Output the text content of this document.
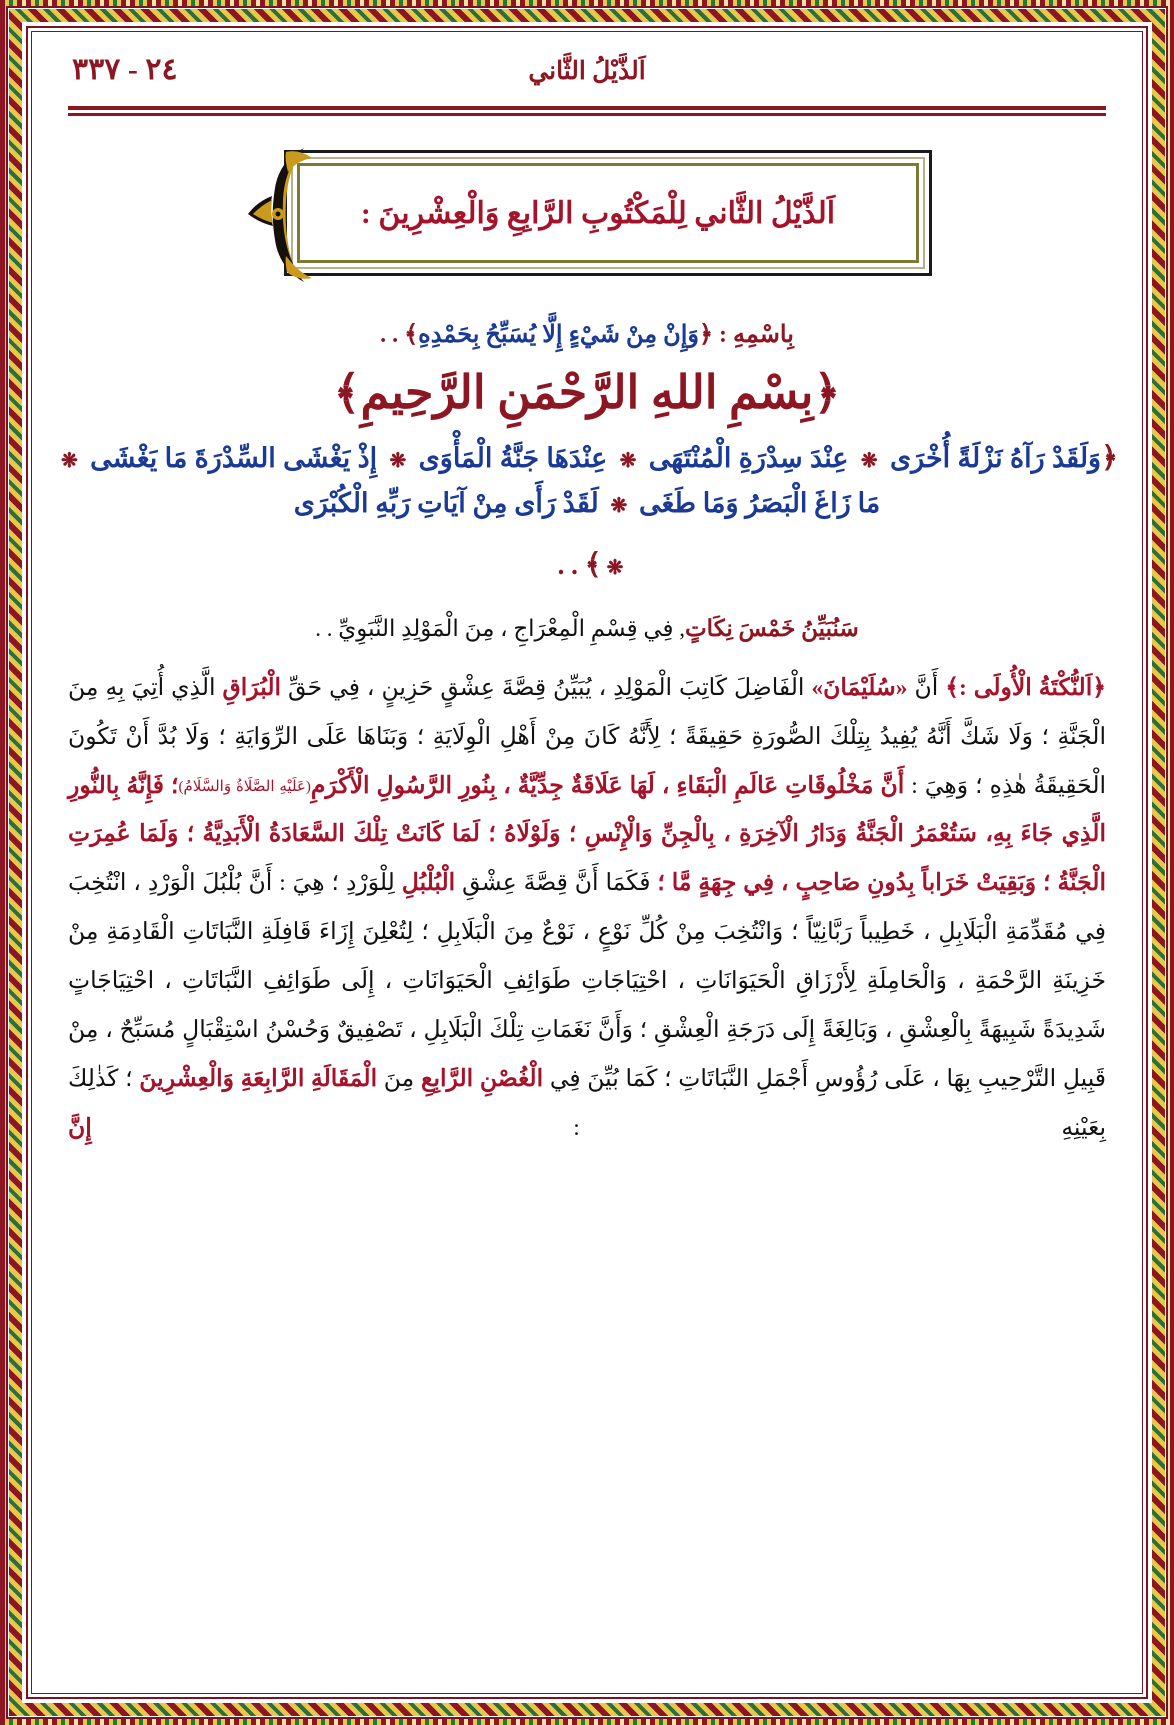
٢٤ - ٣٣٧	اَلذَّيْلُ الثَّاني
اَلذَّيْلُ الثَّاني لِلْمَكْتُوبِ الرَّابِعِ وَالْعِشْرِينَ :
بِاسْمِهِ : ﴿وَإِنْ مِنْ شَيْءٍ إِلَّا يُسَبِّحُ بِحَمْدِهِ﴾ . .
﴿بِسْمِ اللهِ الرَّحْمَنِ الرَّحِيمِ﴾
﴿وَلَقَدْ رَآهُ نَزْلَةً أُخْرَى ❋ عِنْدَ سِدْرَةِ الْمُنْتَهَى ❋ عِنْدَهَا جَنَّةُ الْمَأْوَى ❋ إِذْ يَغْشَى السِّدْرَةَ مَا يَغْشَى ❋ مَا زَاغَ الْبَصَرُ وَمَا طَغَى ❋ لَقَدْ رَأَى مِنْ آيَاتِ رَبِّهِ الْكُبْرَى
❋﴾ . .
سَنُبَيِّنُ خَمْسَ نِكَاتٍ, فِي قِسْمِ الْمِعْرَاجِ ، مِنَ الْمَوْلِدِ النَّبَوِيِّ . .

﴿اَلنُّكْتَةُ الْأُولَى :﴾ أَنَّ «سُلَيْمَانَ» الْفَاضِلَ كَاتِبَ الْمَوْلِدِ ، يُبَيِّنُ قِصَّةَ عِشْقٍ حَزِينٍ ، فِي حَقِّ الْبُرَاقِ الَّذِي أُتِيَ بِهِ مِنَ الْجَنَّةِ ؛ وَلَا شَكَّ أَنَّهُ يُفِيدُ بِتِلْكَ الصُّورَةِ حَقِيقَةً ؛ لِأَنَّهُ كَانَ مِنْ أَهْلِ الْوِلَايَةِ ؛ وَبَنَاهَا عَلَى الرِّوَايَةِ ؛ وَلَا بُدَّ أَنْ تَكُونَ الْحَقِيقَةُ هٰذِهِ ؛ وَهِيَ : أَنَّ مَخْلُوقَاتِ عَالَمِ الْبَقَاءِ ، لَهَا عَلَاقَةٌ جِدِّيَّةٌ ، بِنُورِ الرَّسُولِ الْأَكْرَمِ(عَلَيْهِ الصَّلَاةُ وَالسَّلَامُ)؛ فَإِنَّهُ بِالنُّورِ الَّذِي جَاءَ بِهِ، سَتُعْمَرُ الْجَنَّةُ وَدَارُ الْآخِرَةِ ، بِالْجِنِّ وَالْإِنْسِ ؛ وَلَوْلَاهُ ؛ لَمَا كَانَتْ تِلْكَ السَّعَادَةُ الْأَبَدِيَّةُ ؛ وَلَمَا عُمِرَتِ الْجَنَّةُ ؛ وَبَقِيَتْ خَرَاباً بِدُونِ صَاحِبٍ ، فِي جِهَةٍ مَّا ؛ فَكَمَا أَنَّ قِصَّةَ عِشْقِ الْبُلْبُلِ لِلْوَرْدِ ؛ هِيَ : أَنَّ بُلْبُلَ الْوَرْدِ ، انْتُخِبَ فِي مُقَدِّمَةِ الْبَلَابِلِ ، خَطِيباً رَبَّانِيّاً ؛ وَانْتُخِبَ مِنْ كُلِّ نَوْعٍ ، نَوْعٌ مِنَ الْبَلَابِلِ ؛ لِتُعْلِنَ إِزَاءَ قَافِلَةِ النَّبَاتَاتِ الْقَادِمَةِ مِنْ خَزِينَةِ الرَّحْمَةِ ، وَالْحَامِلَةِ لِأَرْزَاقِ الْحَيَوَانَاتِ ، احْتِيَاجَاتِ طَوَائِفِ الْحَيَوَانَاتِ ، إِلَى طَوَائِفِ النَّبَاتَاتِ ، احْتِيَاجَاتٍ شَدِيدَةً شَبِيهَةً بِالْعِشْقِ ، وَبَالِغَةً إِلَى دَرَجَةِ الْعِشْقِ ؛ وَأَنَّ نَغَمَاتِ تِلْكَ الْبَلَابِلِ ، تَصْفِيقٌ وَحُسْنُ اسْتِقْبَالٍ مُسَبِّحٌ ، مِنْ قَبِيلِ التَّرْحِيبِ بِهَا ، عَلَى رُؤُوسِ أَجْمَلِ النَّبَاتَاتِ ؛ كَمَا بُيِّنَ فِي الْغُصْنِ الرَّابِعِ مِنَ الْمَقَالَةِ الرَّابِعَةِ وَالْعِشْرِينَ ؛ كَذٰلِكَ بِعَيْنِهِ : إِنَّ
